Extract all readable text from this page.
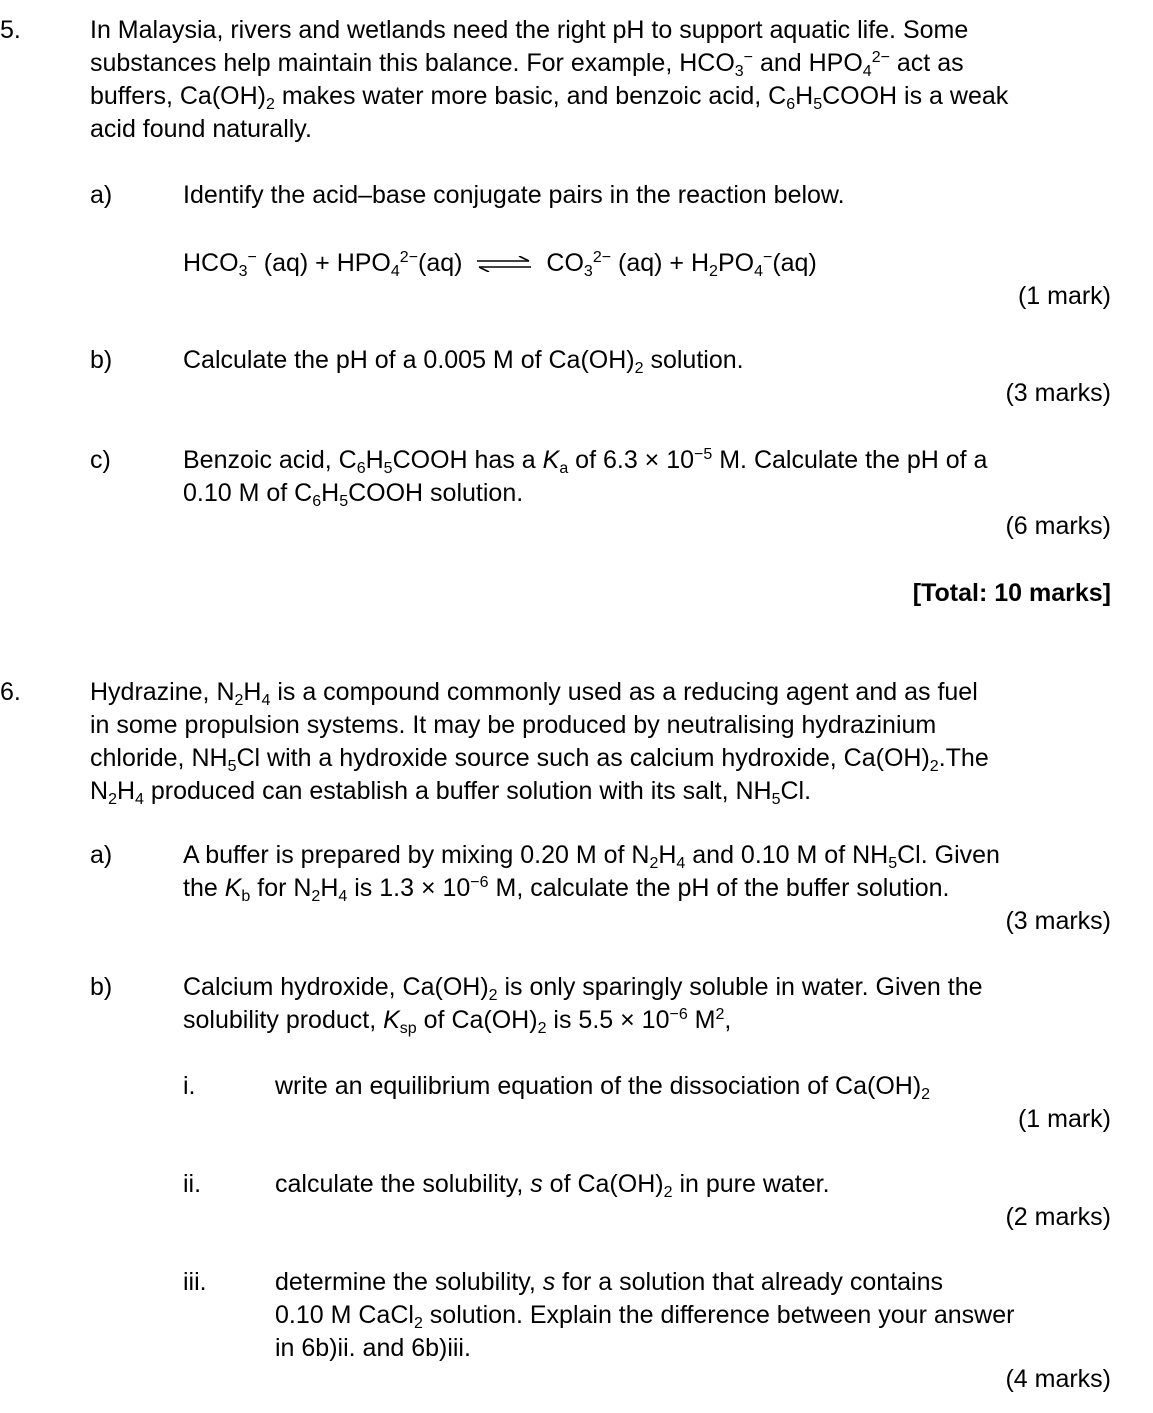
5.	In Malaysia, rivers and wetlands need the right pH to support aquatic life. Some
substances help maintain this balance. For example, $HCO_3^-$ and $HPO_4^{2-}$ act as
buffers, $Ca(OH)_2$ makes water more basic, and benzoic acid, $C_6H_5COOH$ is a weak
acid found naturally.
a)	Identify the acid–base conjugate pairs in the reaction below.
$HCO_3^-$ $(aq) + HPO_4^{2-}(aq)$ ⇌ $CO_3^{2-}$ $(aq) + H_2PO_4^-(aq)$
(1 mark)
b)	Calculate the pH of a 0.005 M of $Ca(OH)_2$ solution.
(3 marks)
c)	Benzoic acid, $C_6H_5COOH$ has a $K_a$ of $6.3 \times 10^{-5}$ M. Calculate the pH of a
0.10 M of $C_6H_5COOH$ solution.
(6 marks)
[Total: 10 marks]
6.	Hydrazine, $N_2H_4$ is a compound commonly used as a reducing agent and as fuel
in some propulsion systems. It may be produced by neutralising hydrazinium
chloride, $NH_5Cl$ with a hydroxide source such as calcium hydroxide, $Ca(OH)_2.The$
$N_2H_4$ produced can establish a buffer solution with its salt, $NH_5Cl$.
a)	A buffer is prepared by mixing 0.20 M of $N_2H_4$ and 0.10 M of $NH_5Cl$. Given
the $K_b$ for $N_2H_4$ is $1.3 \times 10^{-6}$ M, calculate the pH of the buffer solution.
(3 marks)
b)	Calcium hydroxide, $Ca(OH)_2$ is only sparingly soluble in water. Given the
solubility product, $K_{sp}$ of $Ca(OH)_2$ is $5.5 \times 10^{-6}$ $M^2$,
i.	write an equilibrium equation of the dissociation of $Ca(OH)_2$
(1 mark)
ii.	calculate the solubility, s of $Ca(OH)_2$ in pure water.
(2 marks)
iii.	determine the solubility, s for a solution that already contains
0.10 M CaCl$_2$ solution. Explain the difference between your answer
in 6b)ii. and 6b)iii.
(4 marks)
